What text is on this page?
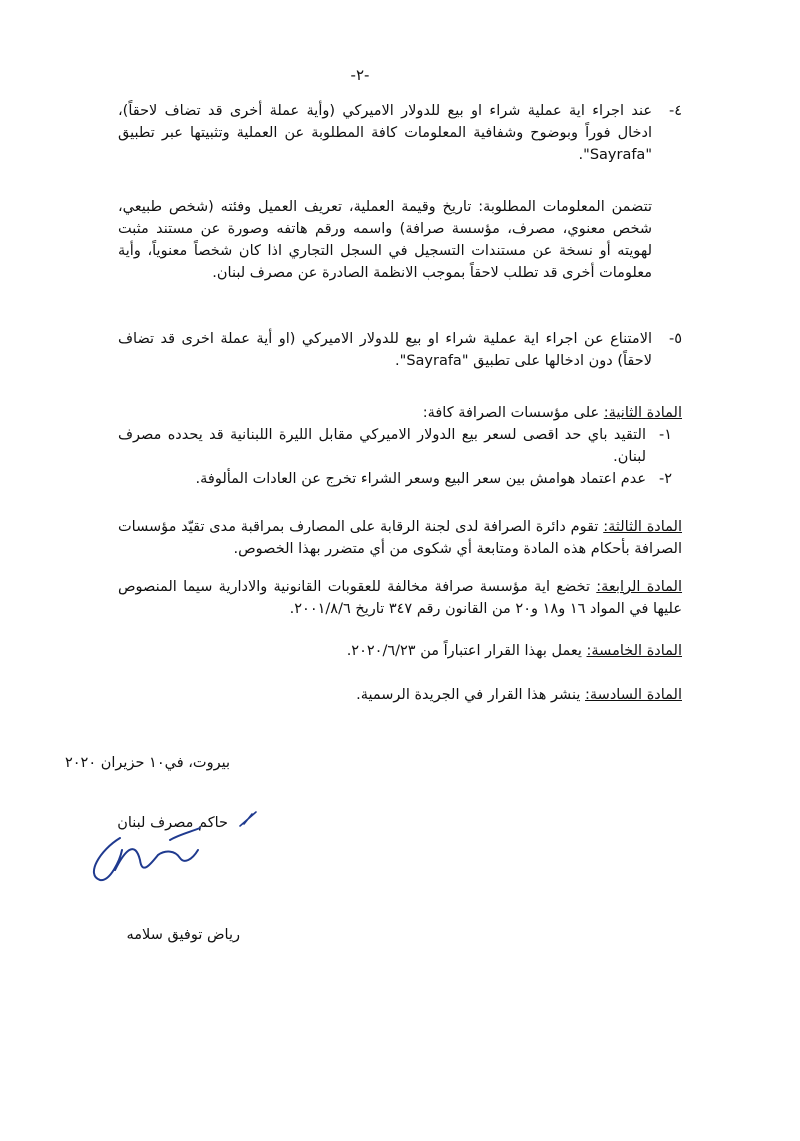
-٢-
٤-
عند اجراء اية عملية شراء او بيع للدولار الاميركي (وأية عملة أخرى قد تضاف لاحقاً)، ادخال فوراً وبوضوح وشفافية المعلومات كافة المطلوبة عن العملية وتثبيتها عبر تطبيق "Sayrafa".
تتضمن المعلومات المطلوبة: تاريخ وقيمة العملية، تعريف العميل وفئته (شخص طبيعي، شخص معنوي، مصرف، مؤسسة صرافة) واسمه ورقم هاتفه وصورة عن مستند مثبت لهويته أو نسخة عن مستندات التسجيل في السجل التجاري اذا كان شخصاً معنوياً، وأية معلومات أخرى قد تطلب لاحقاً بموجب الانظمة الصادرة عن مصرف لبنان.
٥-
الامتناع عن اجراء اية عملية شراء او بيع للدولار الاميركي (او أية عملة اخرى قد تضاف لاحقاً) دون ادخالها على تطبيق "Sayrafa".
المادة الثانية: على مؤسسات الصرافة كافة:
١-
التقيد باي حد اقصى لسعر بيع الدولار الاميركي مقابل الليرة اللبنانية قد يحدده مصرف لبنان.
٢-
عدم اعتماد هوامش بين سعر البيع وسعر الشراء تخرج عن العادات المألوفة.
المادة الثالثة: تقوم دائرة الصرافة لدى لجنة الرقابة على المصارف بمراقبة مدى تقيّد مؤسسات الصرافة بأحكام هذه المادة ومتابعة أي شكوى من أي متضرر بهذا الخصوص.
المادة الرابعة: تخضع اية مؤسسة صرافة مخالفة للعقوبات القانونية والادارية سيما المنصوص عليها في المواد ١٦ و١٨ و٢٠ من القانون رقم ٣٤٧ تاريخ ٢٠٠١/٨/٦.
المادة الخامسة: يعمل بهذا القرار اعتباراً من ٢٠٢٠/٦/٢٣.
المادة السادسة: ينشر هذا القرار في الجريدة الرسمية.
بيروت، في١٠ حزيران ٢٠٢٠
حاكم مصرف لبنان
رياض توفيق سلامه
